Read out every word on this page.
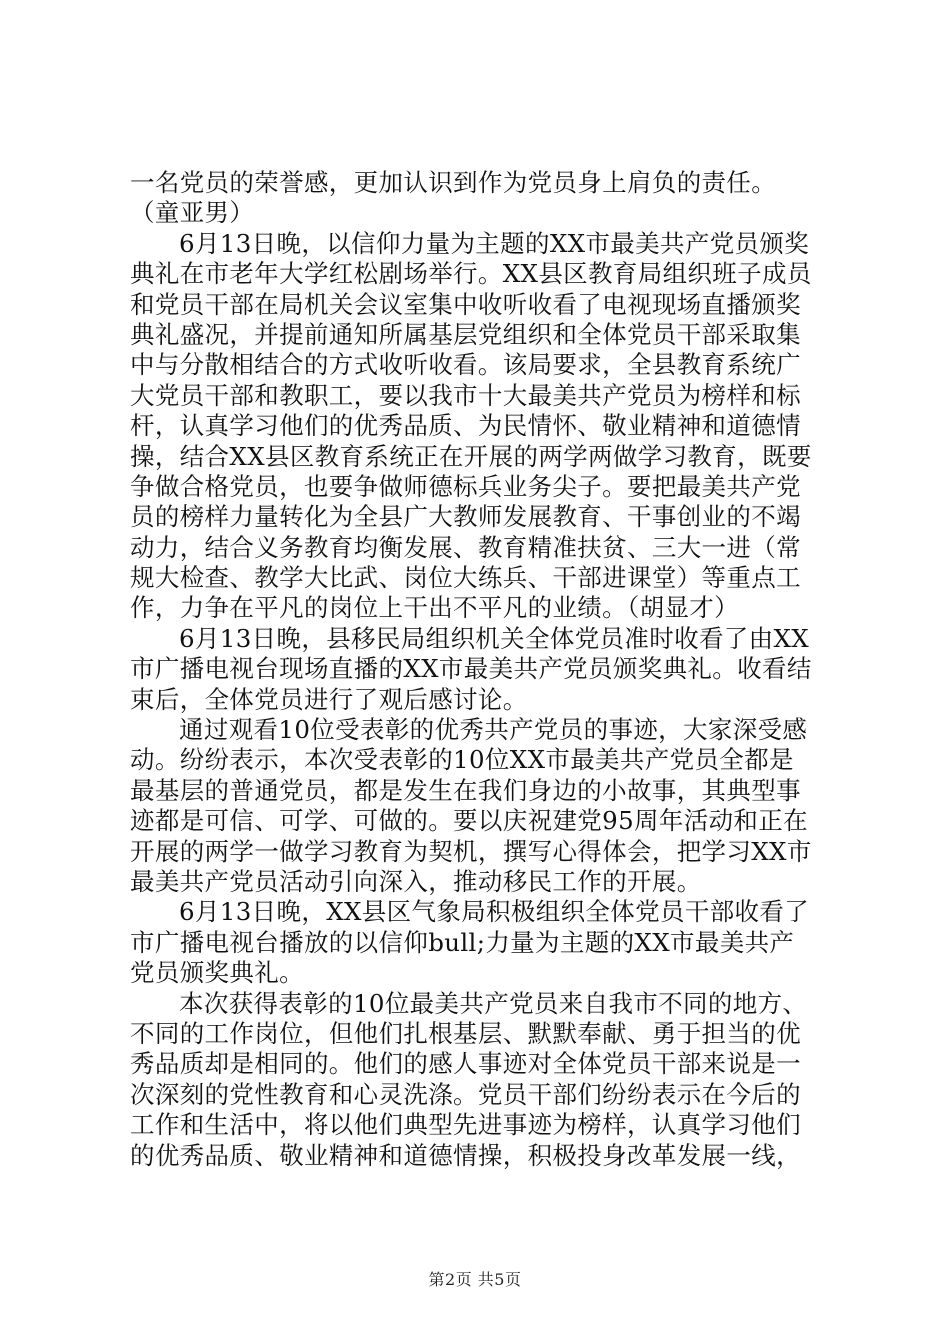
一名党员的荣誉感，更加认识到作为党员身上肩负的责任。
（童亚男）
6月13日晚，以信仰力量为主题的XX市最美共产党员颁奖
典礼在市老年大学红松剧场举行。XX县区教育局组织班子成员
和党员干部在局机关会议室集中收听收看了电视现场直播颁奖
典礼盛况，并提前通知所属基层党组织和全体党员干部采取集
中与分散相结合的方式收听收看。该局要求，全县教育系统广
大党员干部和教职工，要以我市十大最美共产党员为榜样和标
杆，认真学习他们的优秀品质、为民情怀、敬业精神和道德情
操，结合XX县区教育系统正在开展的两学两做学习教育，既要
争做合格党员，也要争做师德标兵业务尖子。要把最美共产党
员的榜样力量转化为全县广大教师发展教育、干事创业的不竭
动力，结合义务教育均衡发展、教育精准扶贫、三大一进（常
规大检查、教学大比武、岗位大练兵、干部进课堂）等重点工
作，力争在平凡的岗位上干出不平凡的业绩。（胡显才）
6月13日晚，县移民局组织机关全体党员准时收看了由XX
市广播电视台现场直播的XX市最美共产党员颁奖典礼。收看结
束后，全体党员进行了观后感讨论。
通过观看10位受表彰的优秀共产党员的事迹，大家深受感
动。纷纷表示，本次受表彰的10位XX市最美共产党员全都是
最基层的普通党员，都是发生在我们身边的小故事，其典型事
迹都是可信、可学、可做的。要以庆祝建党95周年活动和正在
开展的两学一做学习教育为契机，撰写心得体会，把学习XX市
最美共产党员活动引向深入，推动移民工作的开展。
6月13日晚，XX县区气象局积极组织全体党员干部收看了
市广播电视台播放的以信仰bull;力量为主题的XX市最美共产
党员颁奖典礼。
本次获得表彰的10位最美共产党员来自我市不同的地方、
不同的工作岗位，但他们扎根基层、默默奉献、勇于担当的优
秀品质却是相同的。他们的感人事迹对全体党员干部来说是一
次深刻的党性教育和心灵洗涤。党员干部们纷纷表示在今后的
工作和生活中，将以他们典型先进事迹为榜样，认真学习他们
的优秀品质、敬业精神和道德情操，积极投身改革发展一线，
第2页 共5页
